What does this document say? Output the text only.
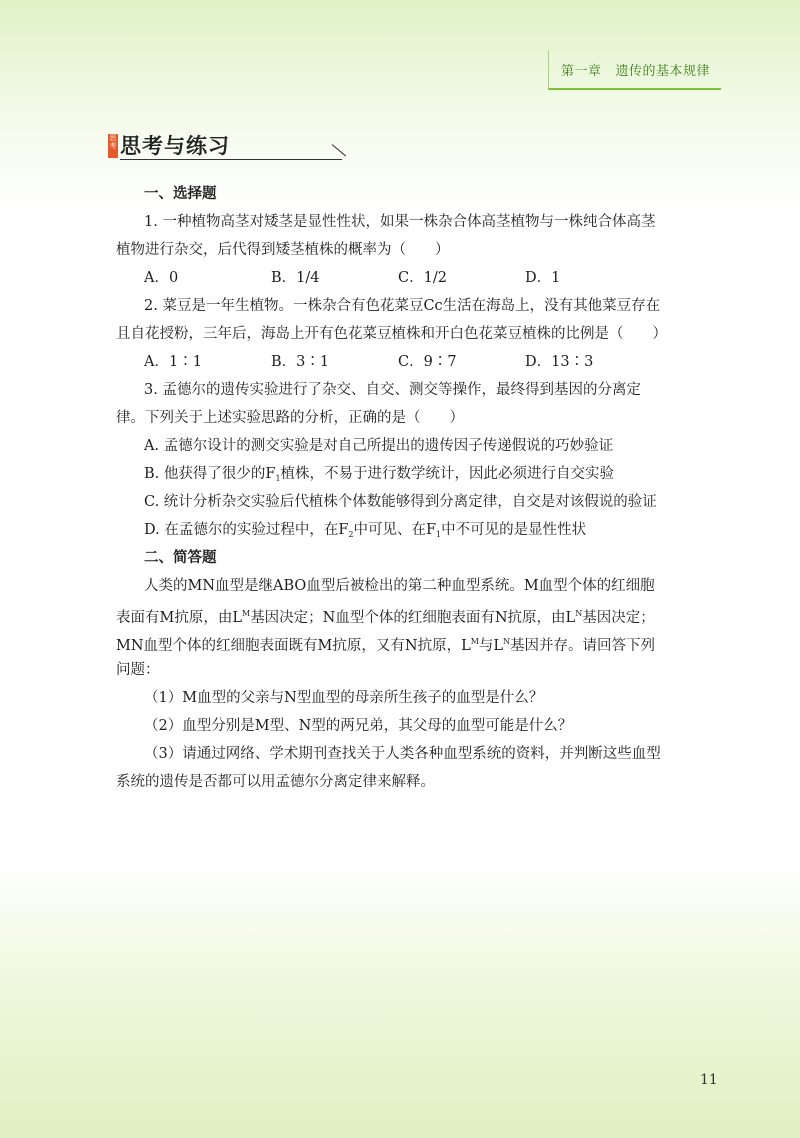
第一章 遗传的基本规律
思考 思考与练习
一、选择题
1. 一种植物高茎对矮茎是显性性状，如果一株杂合体高茎植物与一株纯合体高茎
植物进行杂交，后代得到矮茎植株的概率为（　　）
A．0	B．1/4	C．1/2	D．1
2. 菜豆是一年生植物。一株杂合有色花菜豆Cc生活在海岛上，没有其他菜豆存在
且自花授粉，三年后，海岛上开有色花菜豆植株和开白色花菜豆植株的比例是（　　）
A．1∶1	B．3∶1	C．9∶7	D．13∶3
3. 孟德尔的遗传实验进行了杂交、自交、测交等操作，最终得到基因的分离定
律。下列关于上述实验思路的分析，正确的是（　　）
A. 孟德尔设计的测交实验是对自己所提出的遗传因子传递假说的巧妙验证
B. 他获得了很少的$F_1$植株，不易于进行数学统计，因此必须进行自交实验
C. 统计分析杂交实验后代植株个体数能够得到分离定律，自交是对该假说的验证
D. 在孟德尔的实验过程中，在$F_2$中可见、在$F_1$中不可见的是显性性状
二、简答题
人类的MN血型是继ABO血型后被检出的第二种血型系统。M血型个体的红细胞
表面有M抗原，由$L^M$基因决定；N血型个体的红细胞表面有N抗原，由$L^N$基因决定；
MN血型个体的红细胞表面既有M抗原，又有N抗原，$L^M$与$L^N$基因并存。请回答下列
问题：
（1）M血型的父亲与N型血型的母亲所生孩子的血型是什么？
（2）血型分别是M型、N型的两兄弟，其父母的血型可能是什么？
（3）请通过网络、学术期刊查找关于人类各种血型系统的资料，并判断这些血型
系统的遗传是否都可以用孟德尔分离定律来解释。
11
